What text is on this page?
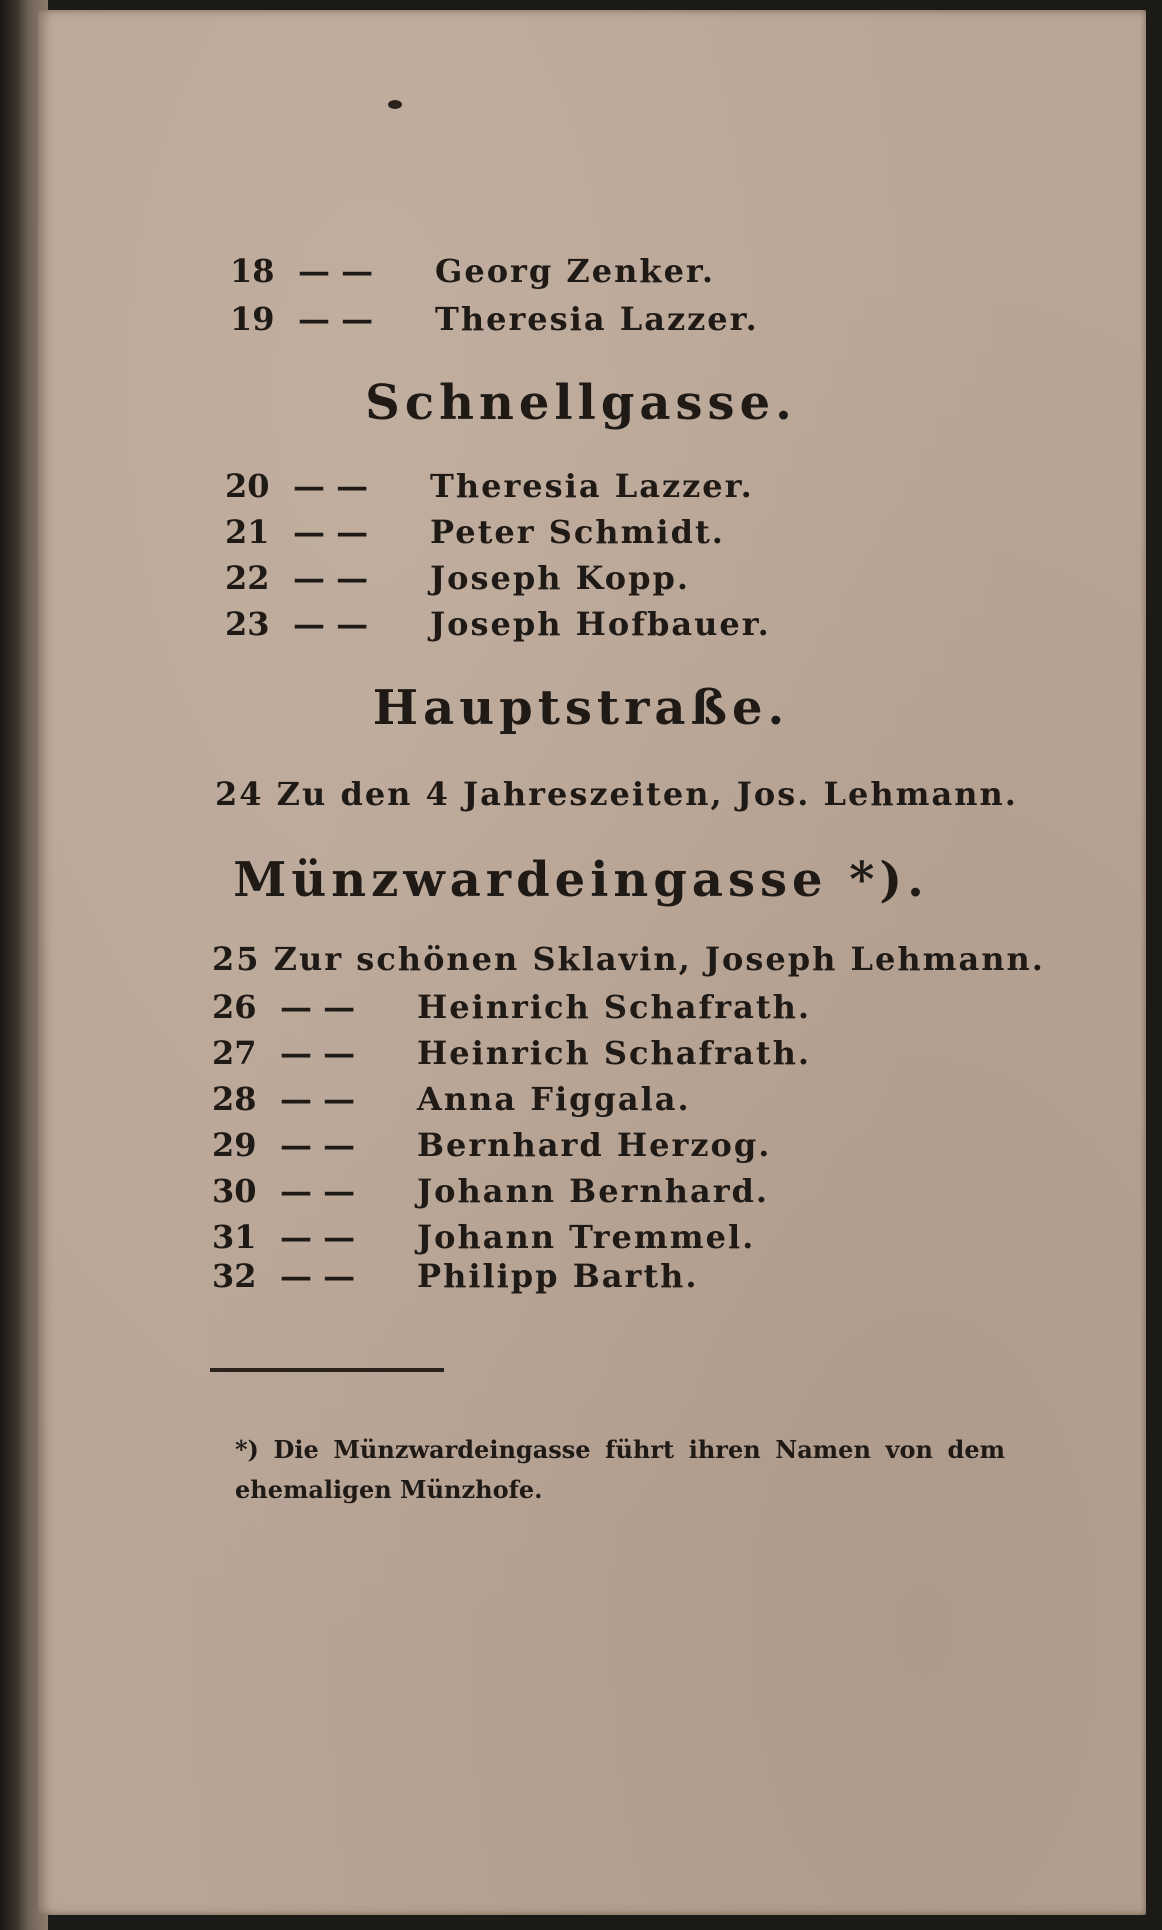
18 — —	Georg Zenker.
19 — —	Theresia Lazzer.
Schnellgasse.
20 — —	Theresia Lazzer.
21 — —	Peter Schmidt.
22 — —	Joseph Kopp.
23 — —	Joseph Hofbauer.
Hauptstraße.
24 Zu den 4 Jahreszeiten, Jos. Lehmann.
Münzwardeingasse *).
25 Zur schönen Sklavin, Joseph Lehmann.
26 — —	Heinrich Schafrath.
27 — —	Heinrich Schafrath.
28 — —	Anna Figgala.
29 — —	Bernhard Herzog.
30 — —	Johann Bernhard.
31 — —	Johann Tremmel.
32 — —	Philipp Barth.
*) Die Münzwardeingasse führt ihren Namen von dem ehemaligen Münzhofe.
